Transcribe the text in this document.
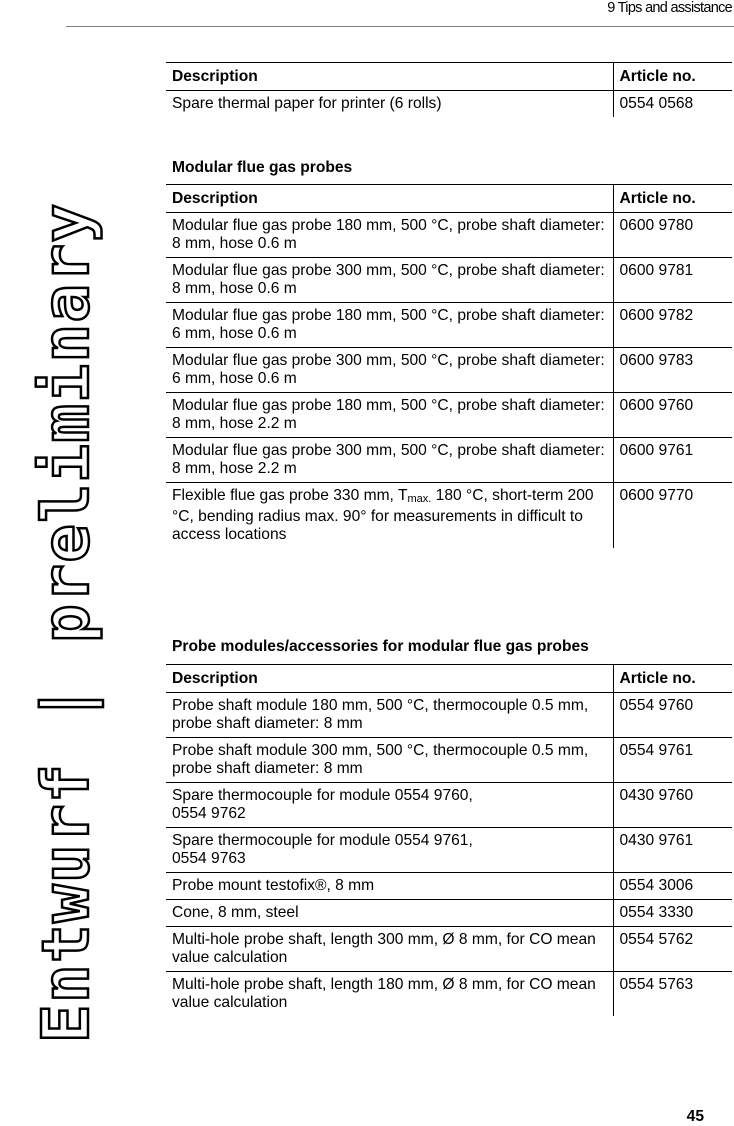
9 Tips and assistance
Entwurf | preliminary
Description	Article no.
Spare thermal paper for printer (6 rolls)	0554 0568
Modular flue gas probes
Description	Article no.
Modular flue gas probe 180 mm, 500 °C, probe shaft diameter: 8 mm, hose 0.6 m	0600 9780
Modular flue gas probe 300 mm, 500 °C, probe shaft diameter: 8 mm, hose 0.6 m	0600 9781
Modular flue gas probe 180 mm, 500 °C, probe shaft diameter: 6 mm, hose 0.6 m	0600 9782
Modular flue gas probe 300 mm, 500 °C, probe shaft diameter: 6 mm, hose 0.6 m	0600 9783
Modular flue gas probe 180 mm, 500 °C, probe shaft diameter: 8 mm, hose 2.2 m	0600 9760
Modular flue gas probe 300 mm, 500 °C, probe shaft diameter: 8 mm, hose 2.2 m	0600 9761
Flexible flue gas probe 330 mm, $T_{max.}$ 180 °C, short-term 200 °C, bending radius max. 90° for measurements in difficult to access locations	0600 9770
Probe modules/accessories for modular flue gas probes
Description	Article no.
Probe shaft module 180 mm, 500 °C, thermocouple 0.5 mm, probe shaft diameter: 8 mm	0554 9760
Probe shaft module 300 mm, 500 °C, thermocouple 0.5 mm, probe shaft diameter: 8 mm	0554 9761
Spare thermocouple for module 0554 9760,
0554 9762	0430 9760
Spare thermocouple for module 0554 9761,
0554 9763	0430 9761
Probe mount testofix®, 8 mm	0554 3006
Cone, 8 mm, steel	0554 3330
Multi-hole probe shaft, length 300 mm, Ø 8 mm, for CO mean value calculation	0554 5762
Multi-hole probe shaft, length 180 mm, Ø 8 mm, for CO mean value calculation	0554 5763
45
